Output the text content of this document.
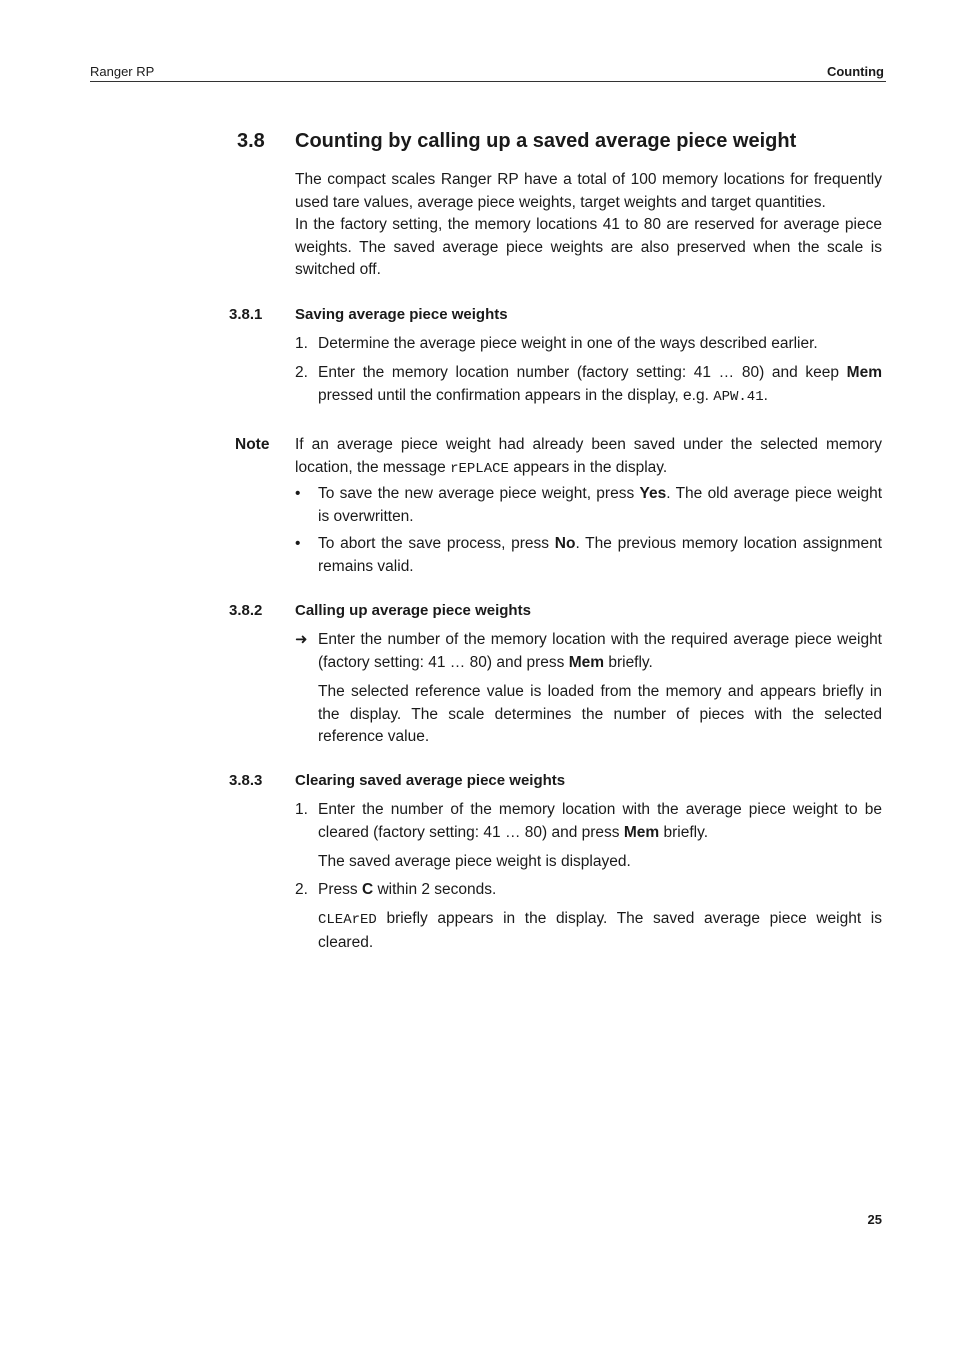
Ranger RP	Counting
3.8 Counting by calling up a saved average piece weight

The compact scales Ranger RP have a total of 100 memory locations for frequently used tare values, average piece weights, target weights and target quantities.

In the factory setting, the memory locations 41 to 80 are reserved for average piece weights. The saved average piece weights are also preserved when the scale is switched off.

3.8.1 Saving average piece weights
1. Determine the average piece weight in one of the ways described earlier.
2. Enter the memory location number (factory setting: 41 … 80) and keep Mem pressed until the confirmation appears in the display, e.g. APW.41.
Note If an average piece weight had already been saved under the selected memory location, the message rEPLACE appears in the display.

• To save the new average piece weight, press Yes. The old average piece weight is overwritten.
• To abort the save process, press No. The previous memory location assignment remains valid.
3.8.2 Calling up average piece weights
➜ Enter the number of the memory location with the required average piece weight (factory setting: 41 … 80) and press Mem briefly.

The selected reference value is loaded from the memory and appears briefly in the display. The scale determines the number of pieces with the selected reference value.

3.8.3 Clearing saved average piece weights
1. Enter the number of the memory location with the average piece weight to be cleared (factory setting: 41 … 80) and press Mem briefly.

The saved average piece weight is displayed.

2. Press C within 2 seconds.

CLEArED briefly appears in the display. The saved average piece weight is cleared.

25
